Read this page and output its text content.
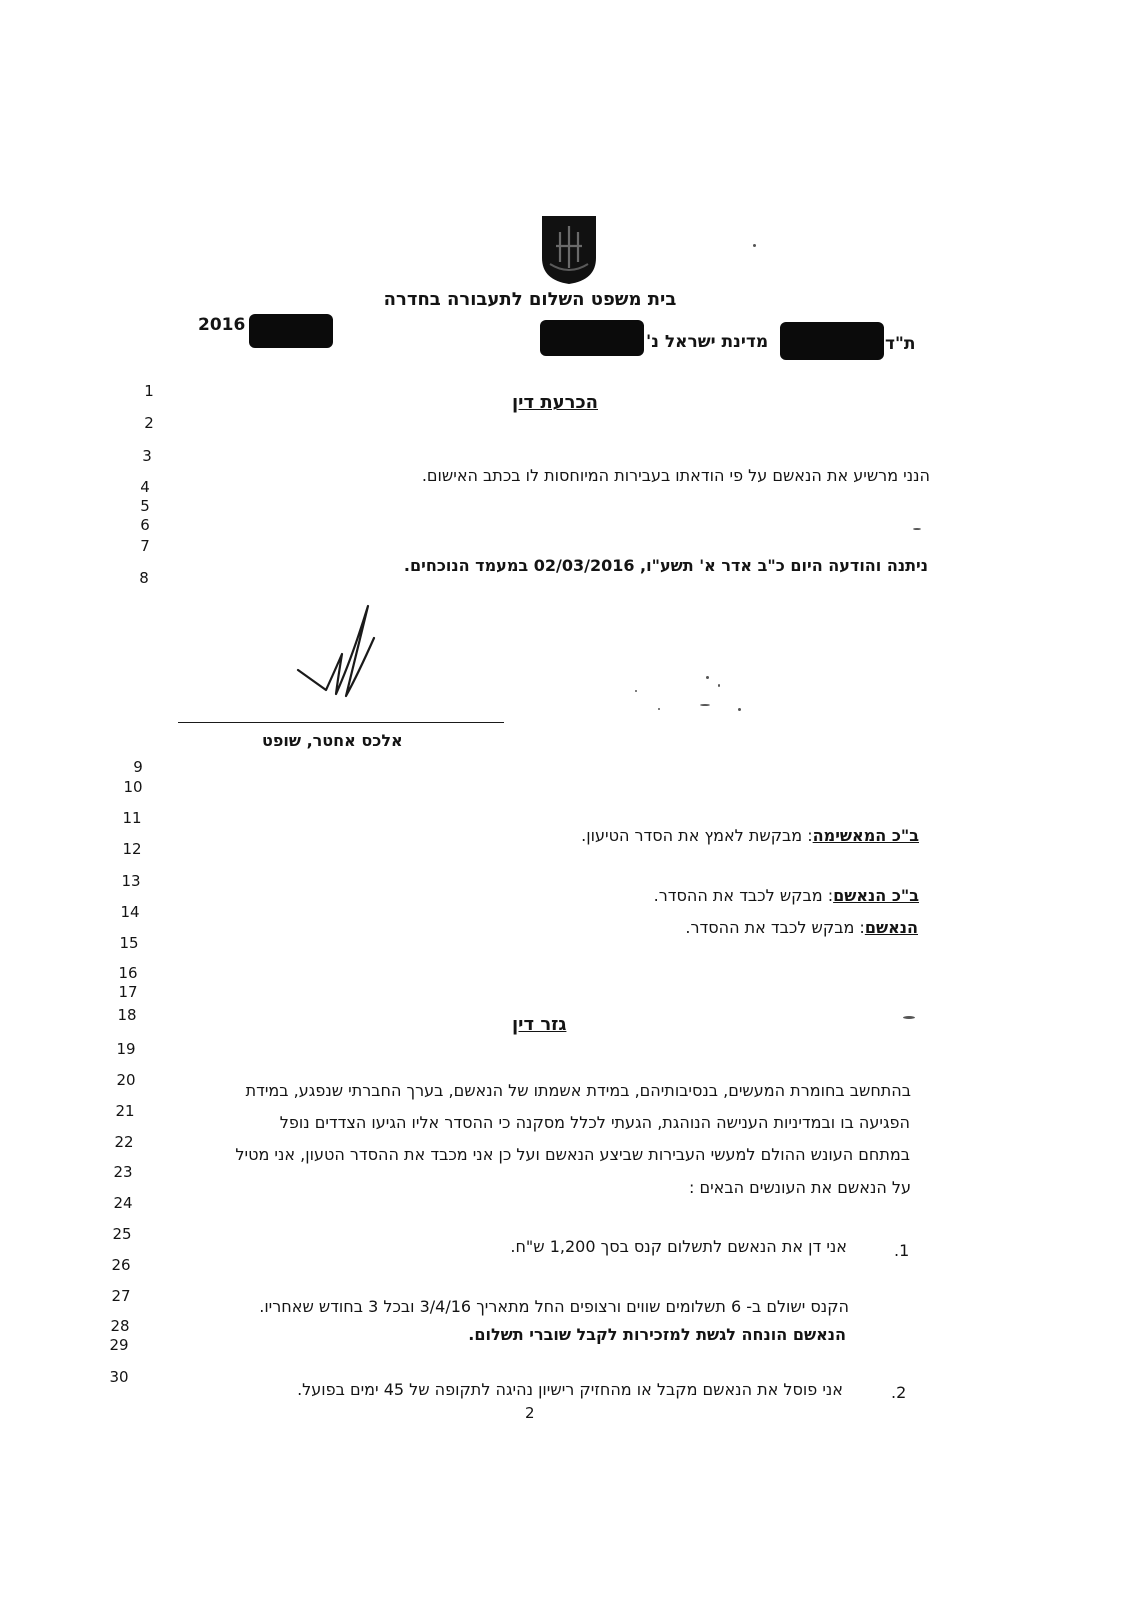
בית משפט השלום לתעבורה בחדרה
2016
מדינת ישראל נ'	ת"ד
1
2
3
4
5
6
7
8
9
10
11
12
13
14
15
16
17
18
19
20
21
22
23
24
25
26
27
28
29
30
הכרעת דין
הנני מרשיע את הנאשם על פי הודאתו בעבירות המיוחסות לו בכתב האישום.
ניתנה והודעה היום כ"ב אדר א' תשע"ו, 02/03/2016 במעמד הנוכחים.
אלכס אחטר, שופט
ב"כ המאשימה: מבקשת לאמץ את הסדר הטיעון.
ב"כ הנאשם: מבקש לכבד את ההסדר.
הנאשם: מבקש לכבד את ההסדר.
גזר דין
בהתחשב בחומרת המעשים, בנסיבותיהם, במידת אשמתו של הנאשם, בערך החברתי שנפגע, במידת
הפגיעה בו ובמדיניות הענישה הנוהגת, הגעתי לכלל מסקנה כי ההסדר אליו הגיעו הצדדים נופל
במתחם העונש ההולם למעשי העבירות שביצע הנאשם ועל כן אני מכבד את ההסדר הטעון, אני מטיל
על הנאשם את העונשים הבאים :
.1
אני דן את הנאשם לתשלום קנס בסך 1,200 ש"ח.
הקנס ישולם ב- 6 תשלומים שווים ורצופים החל מתאריך 3/4/16 ובכל 3 בחודש שאחריו.
הנאשם הונחה לגשת למזכירות לקבל שוברי תשלום.
.2
אני פוסל את הנאשם מקבל או מהחזיק רישיון נהיגה לתקופה של 45 ימים בפועל.
2
